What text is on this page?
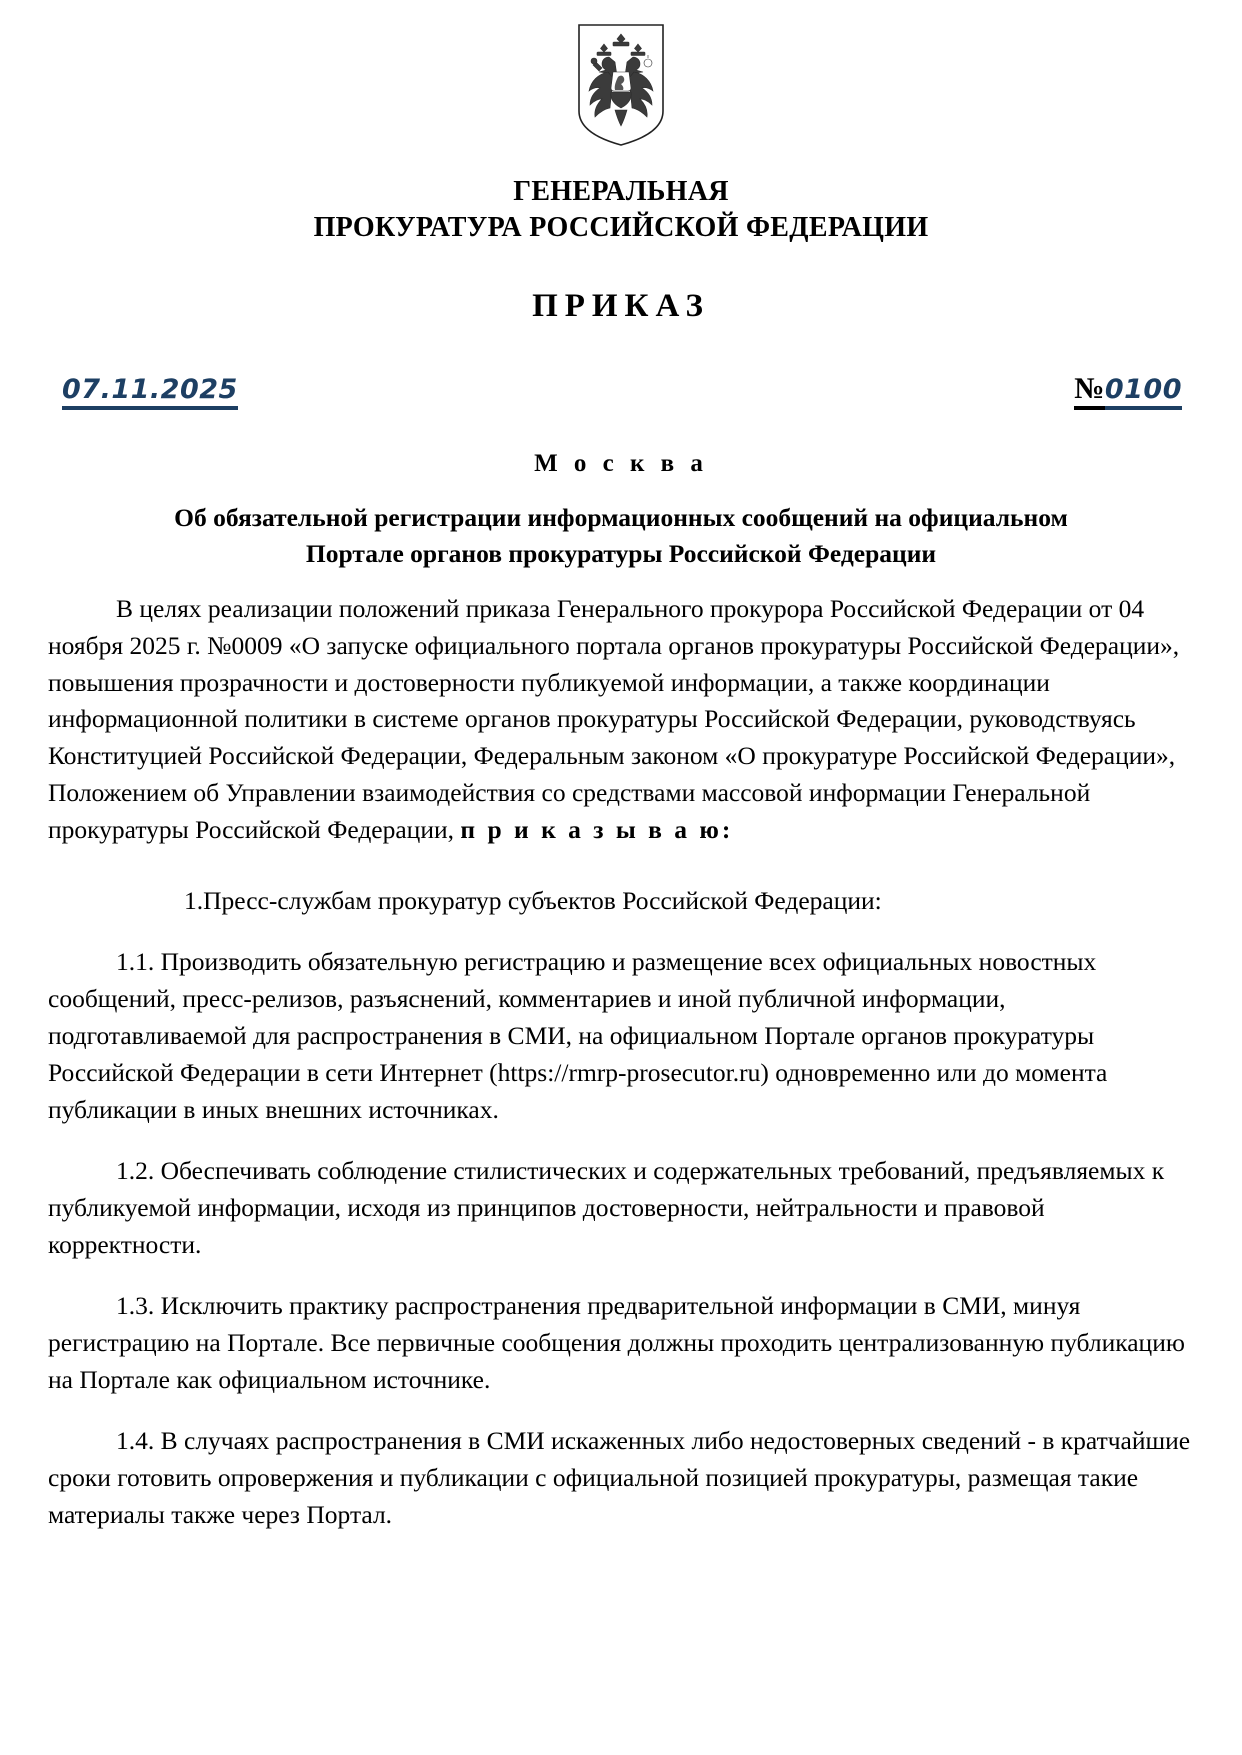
ГЕНЕРАЛЬНАЯ
ПРОКУРАТУРА РОССИЙСКОЙ ФЕДЕРАЦИИ
ПРИКАЗ
07.11.2025	№ 0100
М о с к в а
Об обязательной регистрации информационных сообщений на официальном
Портале органов прокуратуры Российской Федерации

В целях реализации положений приказа Генерального прокурора Российской Федерации от 04 ноября 2025 г. №0009 «О запуске официального портала органов прокуратуры Российской Федерации», повышения прозрачности и достоверности публикуемой информации, а также координации информационной политики в системе органов прокуратуры Российской Федерации, руководствуясь Конституцией Российской Федерации, Федеральным законом «О прокуратуре Российской Федерации», Положением об Управлении взаимодействия со средствами массовой информации Генеральной прокуратуры Российской Федерации, п р и к а з ы в а ю:

1.Пресс-службам прокуратур субъектов Российской Федерации:

1.1. Производить обязательную регистрацию и размещение всех официальных новостных сообщений, пресс-релизов, разъяснений, комментариев и иной публичной информации, подготавливаемой для распространения в СМИ, на официальном Портале органов прокуратуры Российской Федерации в сети Интернет (https://rmrp-prosecutor.ru) одновременно или до момента публикации в иных внешних источниках.

1.2. Обеспечивать соблюдение стилистических и содержательных требований, предъявляемых к публикуемой информации, исходя из принципов достоверности, нейтральности и правовой корректности.

1.3. Исключить практику распространения предварительной информации в СМИ, минуя регистрацию на Портале. Все первичные сообщения должны проходить централизованную публикацию на Портале как официальном источнике.

1.4. В случаях распространения в СМИ искаженных либо недостоверных сведений - в кратчайшие сроки готовить опровержения и публикации с официальной позицией прокуратуры, размещая такие материалы также через Портал.
